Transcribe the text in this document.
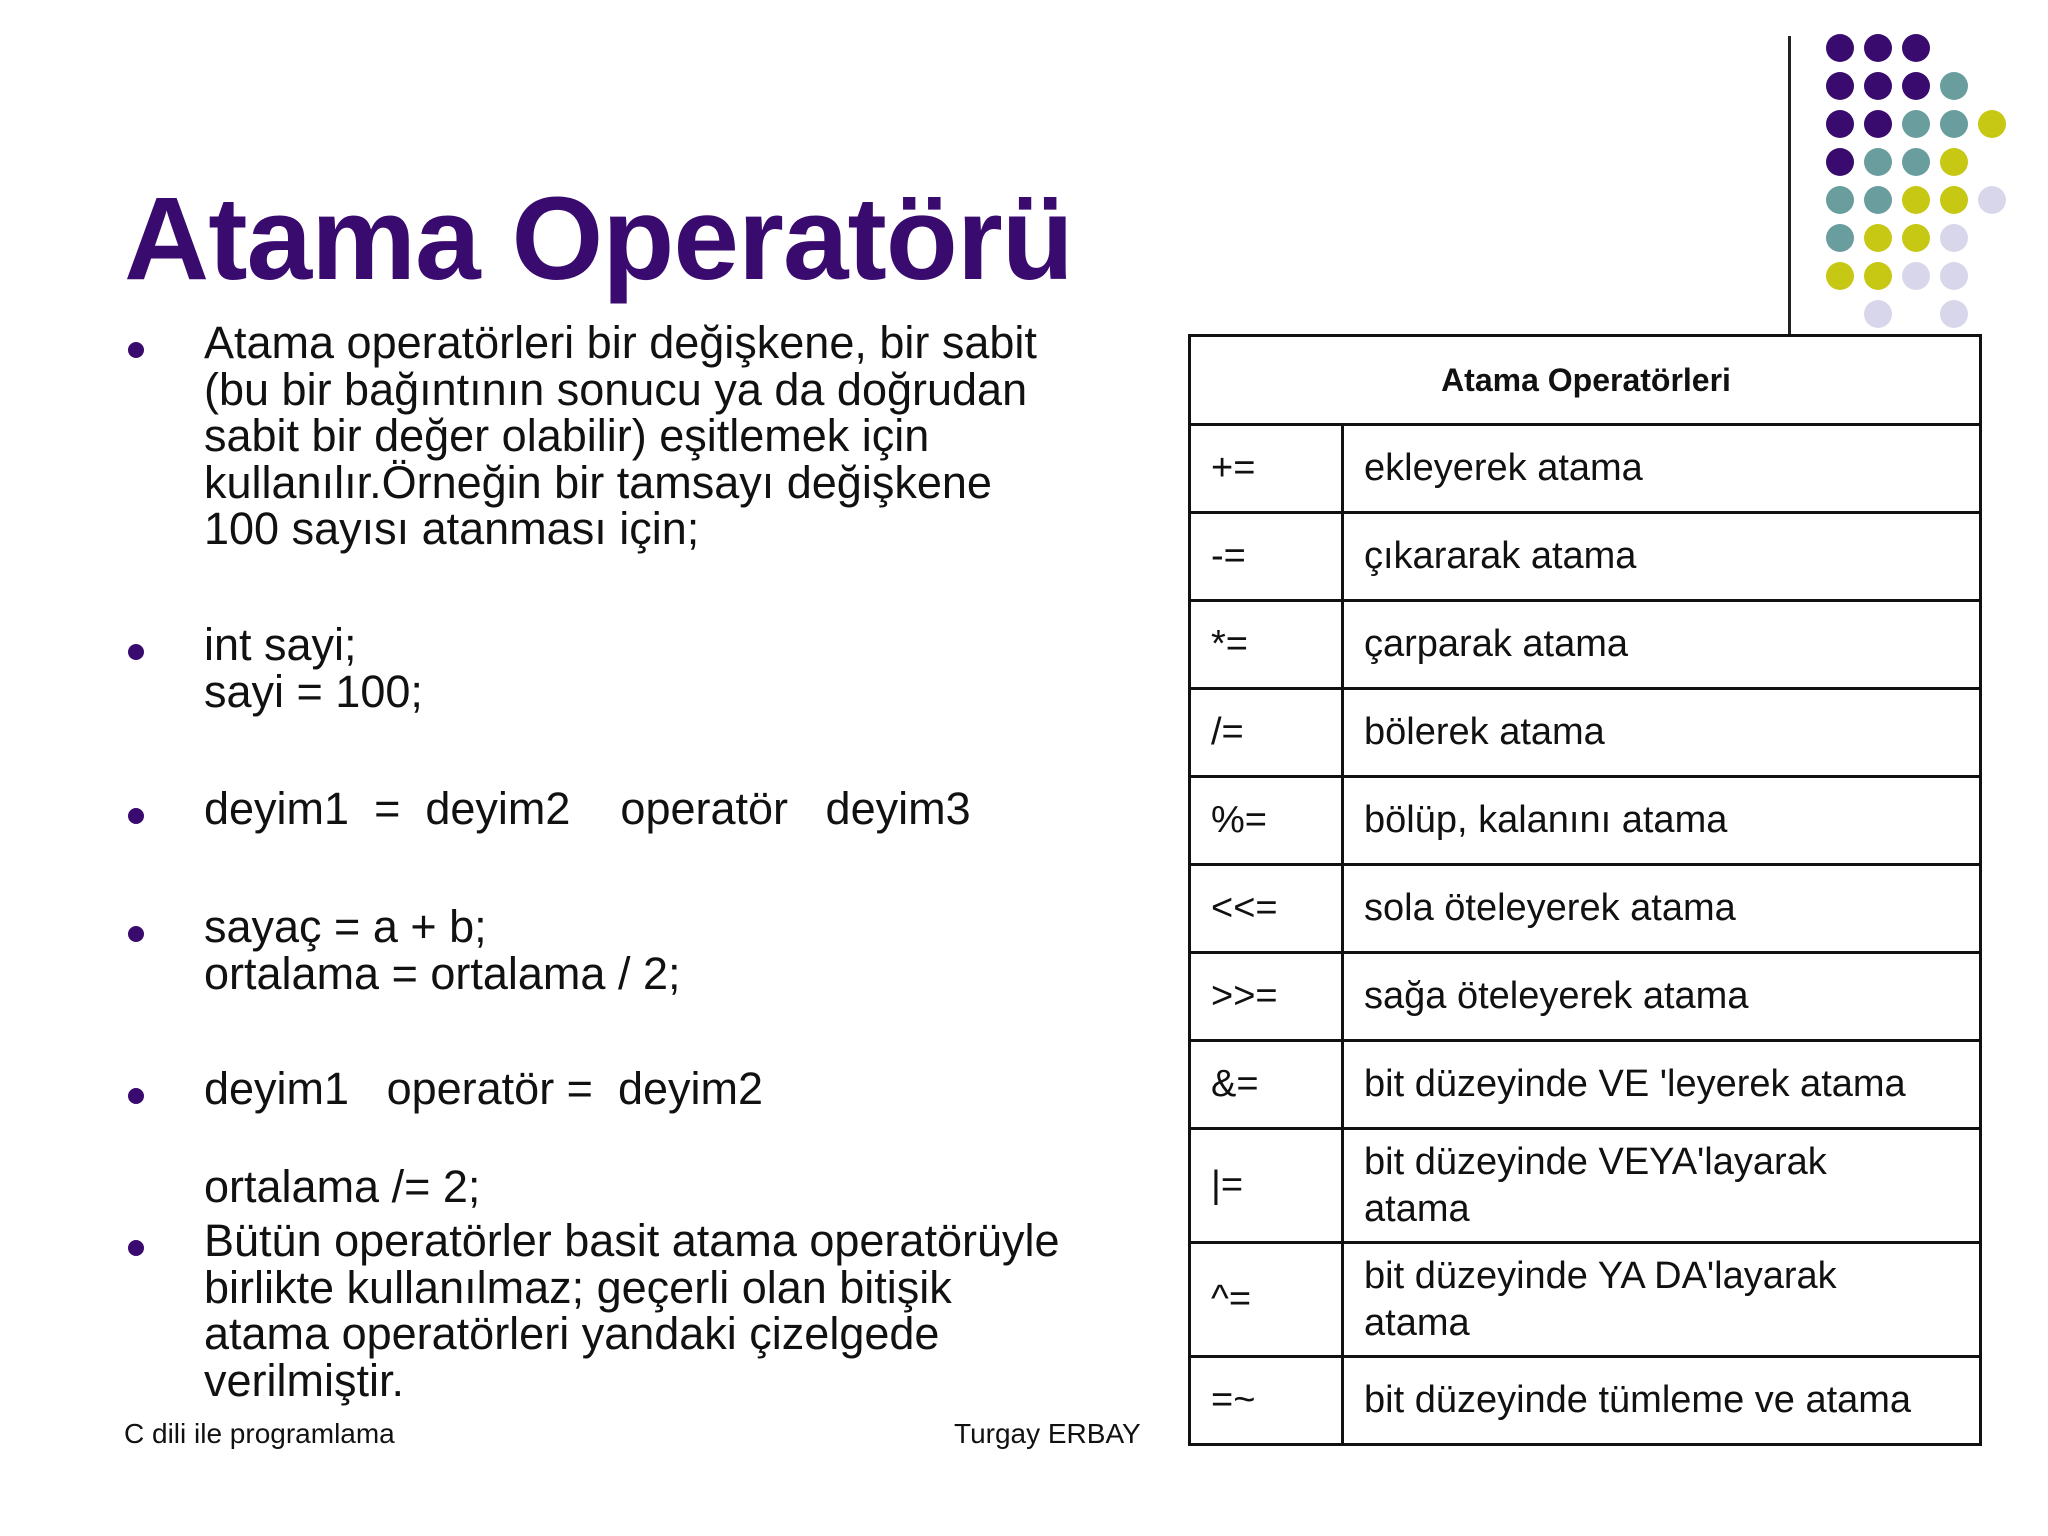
Atama Operatörü
Atama operatörleri bir değişkene, bir sabit
(bu bir bağıntının sonucu ya da doğrudan
sabit bir değer olabilir) eşitlemek için
kullanılır.Örneğin bir tamsayı değişkene
100 sayısı atanması için;
int sayi;
sayi = 100;
deyim1  =  deyim2    operatör   deyim3
sayaç = a + b;
ortalama = ortalama / 2;
deyim1   operatör =  deyim2
Bütün operatörler basit atama operatörüyle
birlikte kullanılmaz; geçerli olan bitişik
atama operatörleri yandaki çizelgede
verilmiştir.
ortalama /= 2;
C dili ile programlama	Turgay ERBAY
Atama Operatörleri	
+=	ekleyerek atama
-=	çıkararak atama
*=	çarparak atama
/=	bölerek atama
%=	bölüp, kalanını atama
<<=	sola öteleyerek atama
>>=	sağa öteleyerek atama
&=	bit düzeyinde VE 'leyerek atama
|=	bit düzeyinde VEYA'layarak
atama
^=	bit düzeyinde YA DA'layarak
atama
=~	bit düzeyinde tümleme ve atama
